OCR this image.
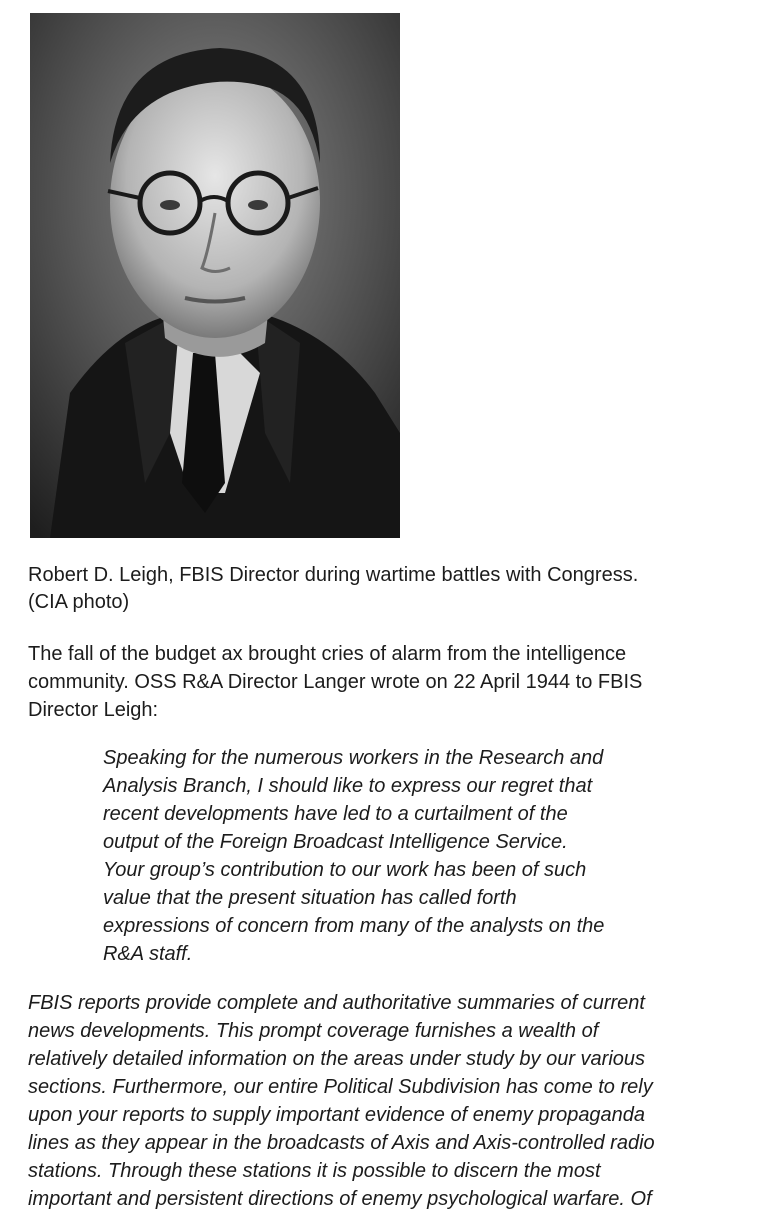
Robert D. Leigh, FBIS Director during wartime battles with Congress.
(CIA photo)

The fall of the budget ax brought cries of alarm from the intelligence
community. OSS R&A Director Langer wrote on 22 April 1944 to FBIS
Director Leigh:

Speaking for the numerous workers in the Research and
Analysis Branch, I should like to express our regret that
recent developments have led to a curtailment of the
output of the Foreign Broadcast Intelligence Service.
Your group’s contribution to our work has been of such
value that the present situation has called forth
expressions of concern from many of the analysts on the
R&A staff.

FBIS reports provide complete and authoritative summaries of current
news developments. This prompt coverage furnishes a wealth of
relatively detailed information on the areas under study by our various
sections. Furthermore, our entire Political Subdivision has come to rely
upon your reports to supply important evidence of enemy propaganda
lines as they appear in the broadcasts of Axis and Axis-controlled radio
stations. Through these stations it is possible to discern the most
important and persistent directions of enemy psychological warfare. Of
